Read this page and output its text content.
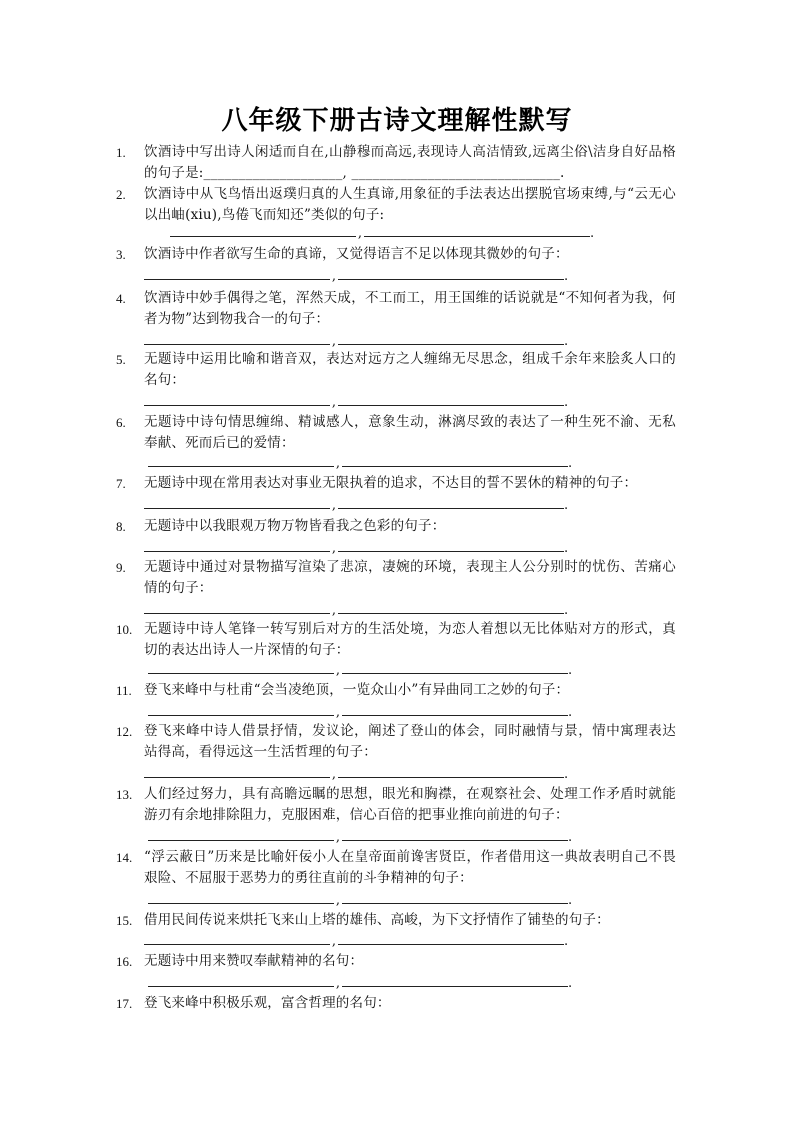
八年级下册古诗文理解性默写
1.	饮酒诗中写出诗人闲适而自在,山静穆而高远,表现诗人高洁情致,远离尘俗\洁身自好品格的句子是:____________________, ______________________________.
2.	饮酒诗中从飞鸟悟出返璞归真的人生真谛,用象征的手法表达出摆脱官场束缚,与“云无心以出岫(xiu),鸟倦飞而知还”类似的句子:
,	.
3.	饮酒诗中作者欲写生命的真谛，又觉得语言不足以体现其微妙的句子：
,	.
4.	饮酒诗中妙手偶得之笔，浑然天成，不工而工，用王国维的话说就是“不知何者为我，何者为物”达到物我合一的句子：
,	.
5.	无题诗中运用比喻和谐音双，表达对远方之人缠绵无尽思念，组成千余年来脍炙人口的名句：
,	.
6.	无题诗中诗句情思缠绵、精诚感人，意象生动，淋漓尽致的表达了一种生死不渝、无私奉献、死而后已的爱情：
,	.
7.	无题诗中现在常用表达对事业无限执着的追求，不达目的誓不罢休的精神的句子：
,	.
8.	无题诗中以我眼观万物万物皆看我之色彩的句子：
,	.
9.	无题诗中通过对景物描写渲染了悲凉，凄婉的环境，表现主人公分别时的忧伤、苦痛心情的句子：
,	.
10. 无题诗中诗人笔锋一转写别后对方的生活处境，为恋人着想以无比体贴对方的形式，真切的表达出诗人一片深情的句子：
,	.
11. 登飞来峰中与杜甫“会当凌绝顶，一览众山小”有异曲同工之妙的句子：
,	.
12. 登飞来峰中诗人借景抒情，发议论，阐述了登山的体会，同时融情与景，情中寓理表达站得高，看得远这一生活哲理的句子：
,	.
13. 人们经过努力，具有高瞻远瞩的思想，眼光和胸襟，在观察社会、处理工作矛盾时就能游刃有余地排除阻力，克服困难，信心百倍的把事业推向前进的句子：
,	.
14. “浮云蔽日”历来是比喻奸佞小人在皇帝面前谗害贤臣，作者借用这一典故表明自己不畏艰险、不屈服于恶势力的勇往直前的斗争精神的句子：
,	.
15. 借用民间传说来烘托飞来山上塔的雄伟、高峻，为下文抒情作了铺垫的句子：
,	.
16. 无题诗中用来赞叹奉献精神的名句：
,	.
17. 登飞来峰中积极乐观，富含哲理的名句：
